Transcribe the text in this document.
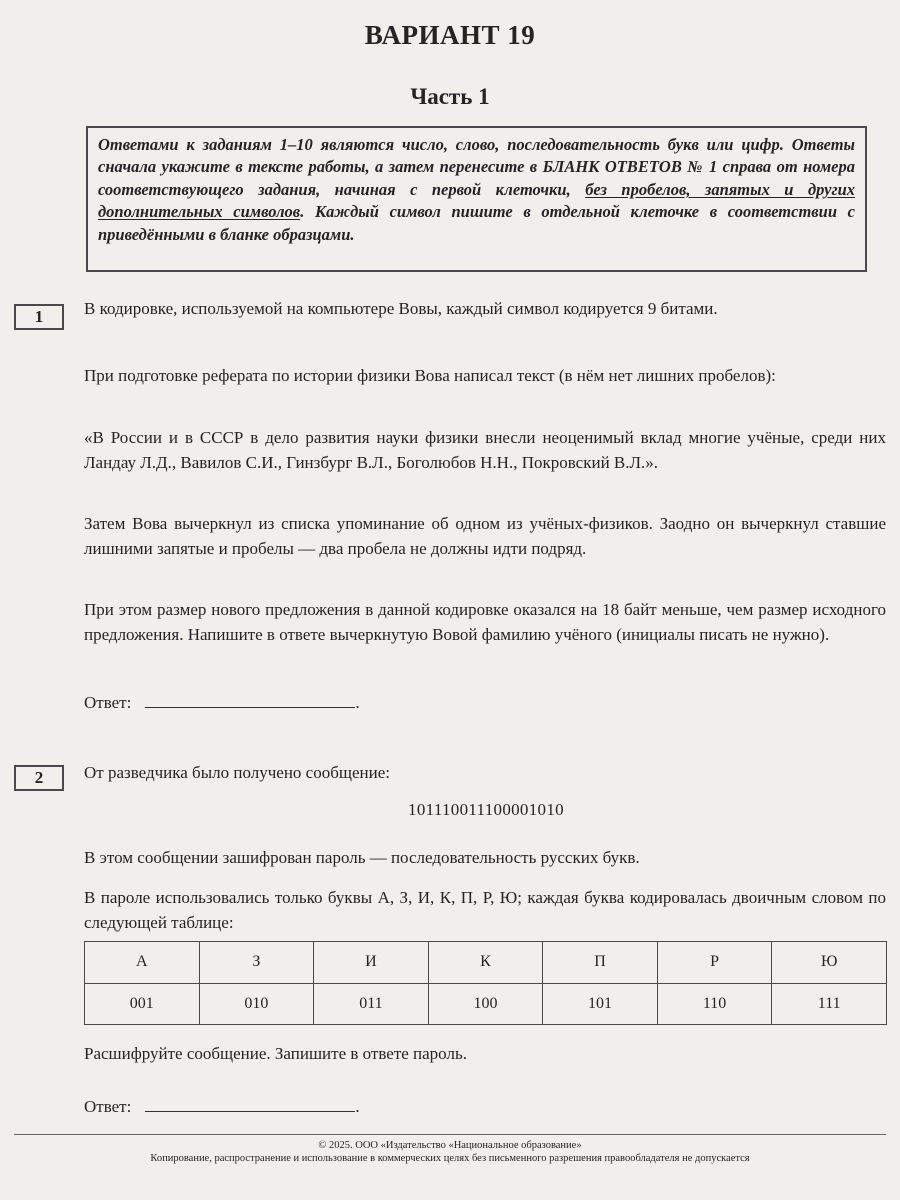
ВАРИАНТ 19
Часть 1
Ответами к заданиям 1–10 являются число, слово, последовательность букв или цифр. Ответы сначала укажите в тексте работы, а затем перенесите в БЛАНК ОТВЕТОВ № 1 справа от номера соответствующего задания, начиная с первой клеточки, без пробелов, запятых и других дополнительных символов. Каждый символ пишите в отдельной клеточке в соответствии с приведёнными в бланке образцами.
1	В кодировке, используемой на компьютере Вовы, каждый символ кодируется 9 битами.
При подготовке реферата по истории физики Вова написал текст (в нём нет лишних пробелов):
«В России и в СССР в дело развития науки физики внесли неоценимый вклад многие учёные, среди них Ландау Л.Д., Вавилов С.И., Гинзбург В.Л., Боголюбов Н.Н., Покровский В.Л.».
Затем Вова вычеркнул из списка упоминание об одном из учёных-физиков. Заодно он вычеркнул ставшие лишними запятые и пробелы — два пробела не должны идти подряд.
При этом размер нового предложения в данной кодировке оказался на 18 байт меньше, чем размер исходного предложения. Напишите в ответе вычеркнутую Вовой фамилию учёного (инициалы писать не нужно).
Ответ:	.
2	От разведчика было получено сообщение:
101110011100001010
В этом сообщении зашифрован пароль — последовательность русских букв.
В пароле использовались только буквы А, З, И, К, П, Р, Ю; каждая буква кодировалась двоичным словом по следующей таблице:
А	З	И	К	П	Р	Ю
001	010	011	100	101	110	111
Расшифруйте сообщение. Запишите в ответе пароль.
Ответ:	.
© 2025. ООО «Издательство «Национальное образование»
Копирование, распространение и использование в коммерческих целях без письменного разрешения правообладателя не допускается
